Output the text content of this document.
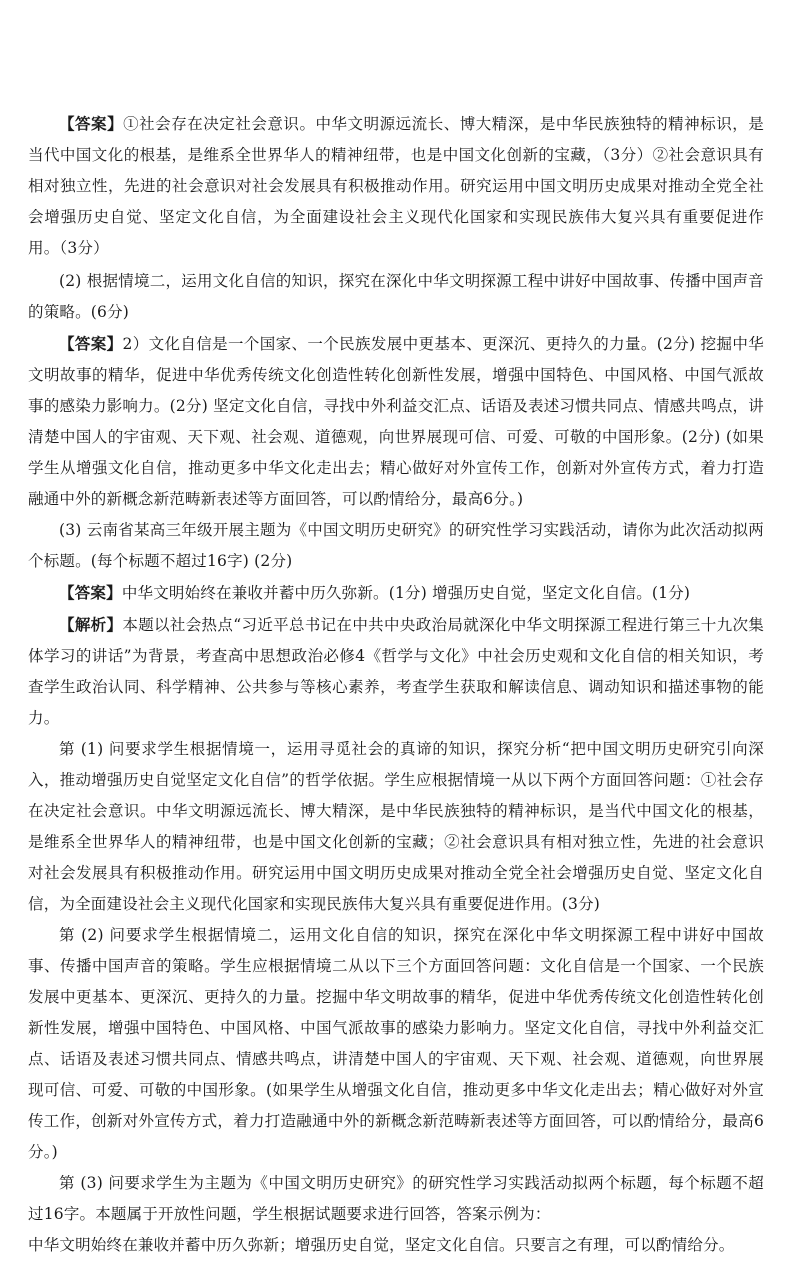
【答案】①社会存在决定社会意识。中华文明源远流长、博大精深，是中华民族独特的精神标识，是当代中国文化的根基，是维系全世界华人的精神纽带，也是中国文化创新的宝藏，（3分）②社会意识具有相对独立性，先进的社会意识对社会发展具有积极推动作用。研究运用中国文明历史成果对推动全党全社会增强历史自觉、坚定文化自信，为全面建设社会主义现代化国家和实现民族伟大复兴具有重要促进作用。（3分）

(2) 根据情境二，运用文化自信的知识，探究在深化中华文明探源工程中讲好中国故事、传播中国声音的策略。(6分)

【答案】2）文化自信是一个国家、一个民族发展中更基本、更深沉、更持久的力量。(2分) 挖掘中华文明故事的精华，促进中华优秀传统文化创造性转化创新性发展，增强中国特色、中国风格、中国气派故事的感染力影响力。(2分) 坚定文化自信，寻找中外利益交汇点、话语及表述习惯共同点、情感共鸣点，讲清楚中国人的宇宙观、天下观、社会观、道德观，向世界展现可信、可爱、可敬的中国形象。(2分) (如果学生从增强文化自信，推动更多中华文化走出去；精心做好对外宣传工作，创新对外宣传方式，着力打造融通中外的新概念新范畴新表述等方面回答，可以酌情给分，最高6分。)

(3) 云南省某高三年级开展主题为《中国文明历史研究》的研究性学习实践活动，请你为此次活动拟两个标题。(每个标题不超过16字) (2分)

【答案】中华文明始终在兼收并蓄中历久弥新。(1分) 增强历史自觉，坚定文化自信。(1分)

【解析】本题以社会热点“习近平总书记在中共中央政治局就深化中华文明探源工程进行第三十九次集体学习的讲话”为背景，考查高中思想政治必修4《哲学与文化》中社会历史观和文化自信的相关知识，考查学生政治认同、科学精神、公共参与等核心素养，考查学生获取和解读信息、调动知识和描述事物的能力。

第 (1) 问要求学生根据情境一，运用寻觅社会的真谛的知识，探究分析“把中国文明历史研究引向深入，推动增强历史自觉坚定文化自信”的哲学依据。学生应根据情境一从以下两个方面回答问题：①社会存在决定社会意识。中华文明源远流长、博大精深，是中华民族独特的精神标识，是当代中国文化的根基，是维系全世界华人的精神纽带，也是中国文化创新的宝藏；②社会意识具有相对独立性，先进的社会意识对社会发展具有积极推动作用。研究运用中国文明历史成果对推动全党全社会增强历史自觉、坚定文化自信，为全面建设社会主义现代化国家和实现民族伟大复兴具有重要促进作用。(3分)

第 (2) 问要求学生根据情境二，运用文化自信的知识，探究在深化中华文明探源工程中讲好中国故事、传播中国声音的策略。学生应根据情境二从以下三个方面回答问题：文化自信是一个国家、一个民族发展中更基本、更深沉、更持久的力量。挖掘中华文明故事的精华，促进中华优秀传统文化创造性转化创新性发展，增强中国特色、中国风格、中国气派故事的感染力影响力。坚定文化自信，寻找中外利益交汇点、话语及表述习惯共同点、情感共鸣点，讲清楚中国人的宇宙观、天下观、社会观、道德观，向世界展现可信、可爱、可敬的中国形象。(如果学生从增强文化自信，推动更多中华文化走出去；精心做好对外宣传工作，创新对外宣传方式，着力打造融通中外的新概念新范畴新表述等方面回答，可以酌情给分，最高6分。)

第 (3) 问要求学生为主题为《中国文明历史研究》的研究性学习实践活动拟两个标题，每个标题不超过16字。本题属于开放性问题，学生根据试题要求进行回答，答案示例为：

中华文明始终在兼收并蓄中历久弥新；增强历史自觉，坚定文化自信。只要言之有理，可以酌情给分。
